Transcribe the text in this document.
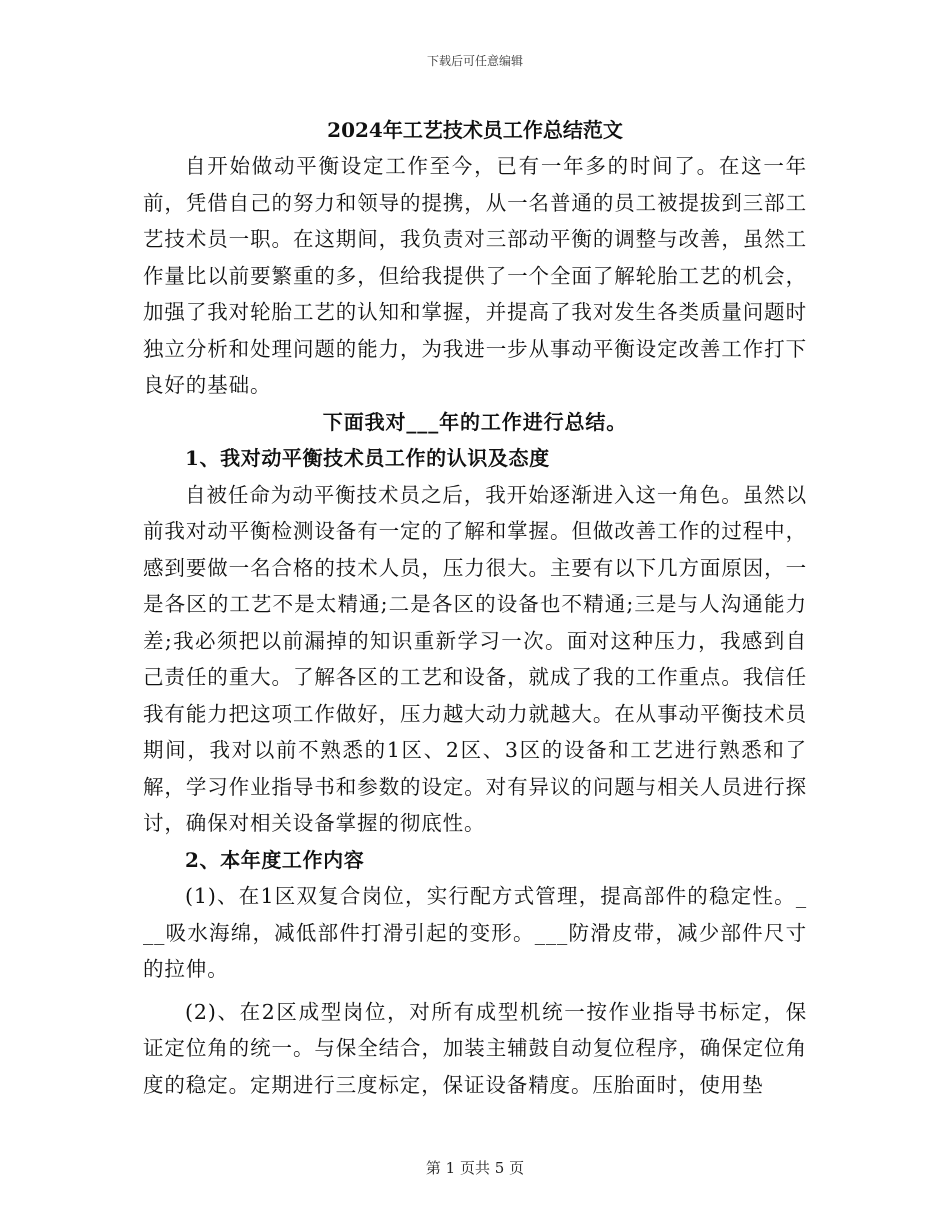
下载后可任意编辑
2024年工艺技术员工作总结范文

自开始做动平衡设定工作至今，已有一年多的时间了。在这一年前，凭借自己的努力和领导的提携，从一名普通的员工被提拔到三部工艺技术员一职。在这期间，我负责对三部动平衡的调整与改善，虽然工作量比以前要繁重的多，但给我提供了一个全面了解轮胎工艺的机会，加强了我对轮胎工艺的认知和掌握，并提高了我对发生各类质量问题时独立分析和处理问题的能力，为我进一步从事动平衡设定改善工作打下良好的基础。

下面我对___年的工作进行总结。

1、我对动平衡技术员工作的认识及态度

自被任命为动平衡技术员之后，我开始逐渐进入这一角色。虽然以前我对动平衡检测设备有一定的了解和掌握。但做改善工作的过程中，感到要做一名合格的技术人员，压力很大。主要有以下几方面原因，一是各区的工艺不是太精通;二是各区的设备也不精通;三是与人沟通能力差;我必须把以前漏掉的知识重新学习一次。面对这种压力，我感到自己责任的重大。了解各区的工艺和设备，就成了我的工作重点。我信任我有能力把这项工作做好，压力越大动力就越大。在从事动平衡技术员期间，我对以前不熟悉的1区、2区、3区的设备和工艺进行熟悉和了解，学习作业指导书和参数的设定。对有异议的问题与相关人员进行探讨，确保对相关设备掌握的彻底性。

2、本年度工作内容

(1)、在1区双复合岗位，实行配方式管理，提高部件的稳定性。___吸水海绵，减低部件打滑引起的变形。___防滑皮带，减少部件尺寸的拉伸。

(2)、在2区成型岗位，对所有成型机统一按作业指导书标定，保证定位角的统一。与保全结合，加装主辅鼓自动复位程序，确保定位角度的稳定。定期进行三度标定，保证设备精度。压胎面时，使用垫

第 1 页共 5 页
